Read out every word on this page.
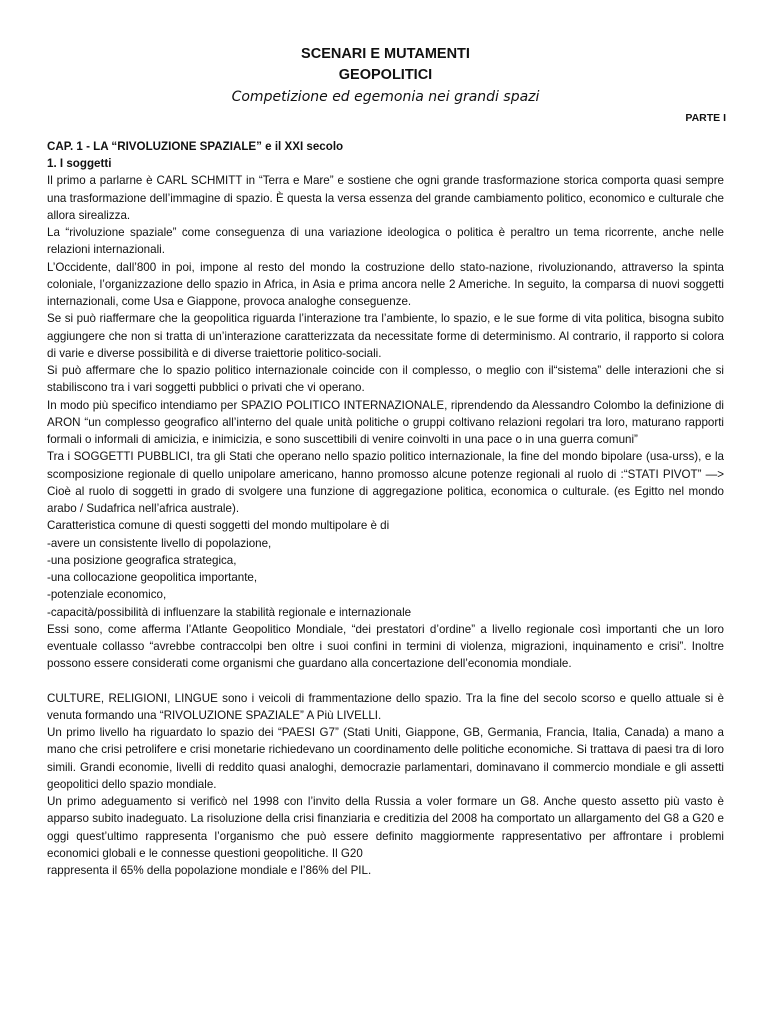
SCENARI E MUTAMENTI
GEOPOLITICI
Competizione ed egemonia nei grandi spazi
PARTE I
CAP. 1 - LA “RIVOLUZIONE SPAZIALE” e il XXI secolo
1. I soggetti

Il primo a parlarne è CARL SCHMITT in “Terra e Mare” e sostiene che ogni grande trasformazione storica comporta quasi sempre una trasformazione dell’immagine di spazio. È questa la versa essenza del grande cambiamento politico, economico e culturale che allora sirealizza.

La “rivoluzione spaziale” come conseguenza di una variazione ideologica o politica è peraltro un tema ricorrente, anche nelle relazioni internazionali.

L’Occidente, dall’800 in poi, impone al resto del mondo la costruzione dello stato-nazione, rivoluzionando, attraverso la spinta coloniale, l’organizzazione dello spazio in Africa, in Asia e prima ancora nelle 2 Americhe. In seguito, la comparsa di nuovi soggetti internazionali, come Usa e Giappone, provoca analoghe conseguenze.

Se si può riaffermare che la geopolitica riguarda l’interazione tra l’ambiente, lo spazio, e le sue forme di vita politica, bisogna subito aggiungere che non si tratta di un’interazione caratterizzata da necessitate forme di determinismo. Al contrario, il rapporto si colora di varie e diverse possibilità e di diverse traiettorie politico-sociali.

Si può affermare che lo spazio politico internazionale coincide con il complesso, o meglio con il“sistema” delle interazioni che si stabiliscono tra i vari soggetti pubblici o privati che vi operano.

In modo più specifico intendiamo per SPAZIO POLITICO INTERNAZIONALE, riprendendo da Alessandro Colombo la definizione di ARON “un complesso geografico all’interno del quale unità politiche o gruppi coltivano relazioni regolari tra loro, maturano rapporti formali o informali di amicizia, e inimicizia, e sono suscettibili di venire coinvolti in una pace o in una guerra comuni”

Tra i SOGGETTI PUBBLICI, tra gli Stati che operano nello spazio politico internazionale, la fine del mondo bipolare (usa-urss), e la scomposizione regionale di quello unipolare americano, hanno promosso alcune potenze regionali al ruolo di :“STATI PIVOT” —> Cioè al ruolo di soggetti in grado di svolgere una funzione di aggregazione politica, economica o culturale. (es Egitto nel mondo arabo / Sudafrica nell’africa australe).

Caratteristica comune di questi soggetti del mondo multipolare è di

-avere un consistente livello di popolazione,

-una posizione geografica strategica,

-una collocazione geopolitica importante,

-potenziale economico,

-capacità/possibilità di influenzare la stabilità regionale e internazionale

Essi sono, come afferma l’Atlante Geopolitico Mondiale, “dei prestatori d’ordine” a livello regionale così importanti che un loro eventuale collasso “avrebbe contraccolpi ben oltre i suoi confini in termini di violenza, migrazioni, inquinamento e crisi”. Inoltre possono essere considerati come organismi che guardano alla concertazione dell’economia mondiale.

CULTURE, RELIGIONI, LINGUE sono i veicoli di frammentazione dello spazio. Tra la fine del secolo scorso e quello attuale si è venuta formando una “RIVOLUZIONE SPAZIALE” A Più LIVELLI.

Un primo livello ha riguardato lo spazio dei “PAESI G7” (Stati Uniti, Giappone, GB, Germania, Francia, Italia, Canada) a mano a mano che crisi petrolifere e crisi monetarie richiedevano un coordinamento delle politiche economiche. Si trattava di paesi tra di loro simili. Grandi economie, livelli di reddito quasi analoghi, democrazie parlamentari, dominavano il commercio mondiale e gli assetti geopolitici dello spazio mondiale.

Un primo adeguamento si verificò nel 1998 con l’invito della Russia a voler formare un G8. Anche questo assetto più vasto è apparso subito inadeguato. La risoluzione della crisi finanziaria e creditizia del 2008 ha comportato un allargamento del G8 a G20 e oggi quest’ultimo rappresenta l’organismo che può essere definito maggiormente rappresentativo per affrontare i problemi economici globali e le connesse questioni geopolitiche. Il G20

rappresenta il 65% della popolazione mondiale e l’86% del PIL.
